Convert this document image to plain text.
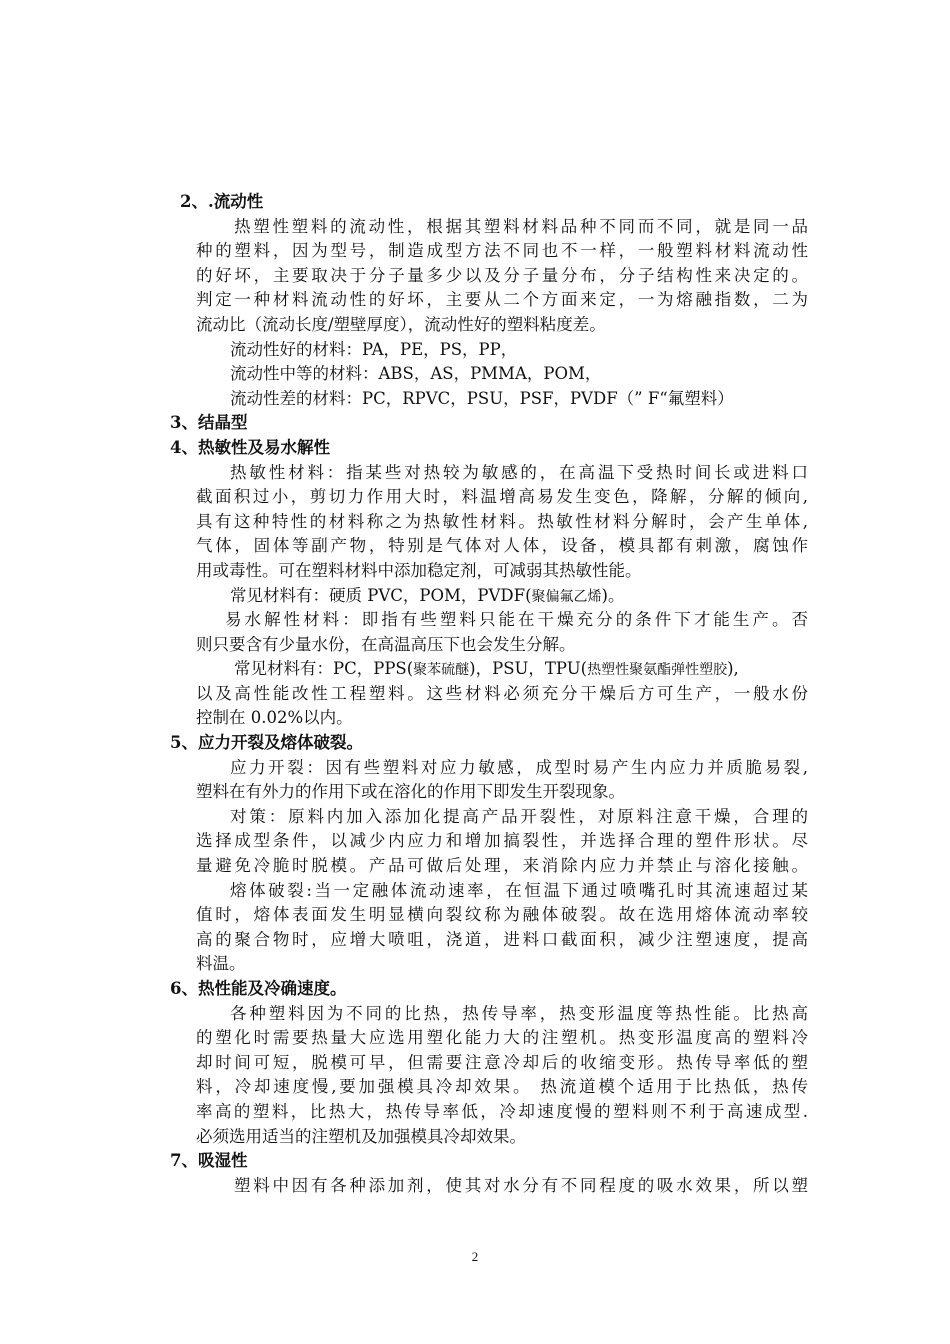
2、.流动性
热塑性塑料的流动性，根据其塑料材料品种不同而不同，就是同一品
种的塑料，因为型号，制造成型方法不同也不一样，一般塑料材料流动性
的好坏，主要取决于分子量多少以及分子量分布，分子结构性来决定的。
判定一种材料流动性的好坏，主要从二个方面来定，一为熔融指数，二为
流动比（流动长度/塑壁厚度），流动性好的塑料粘度差。
流动性好的材料：PA，PE，PS，PP，
流动性中等的材料：ABS，AS，PMMA，POM，
流动性差的材料：PC，RPVC，PSU，PSF，PVDF（” F“氟塑料）
3、结晶型
4、热敏性及易水解性
热敏性材料：指某些对热较为敏感的，在高温下受热时间长或进料口
截面积过小，剪切力作用大时，料温增高易发生变色，降解，分解的倾向,
具有这种特性的材料称之为热敏性材料。热敏性材料分解时，会产生单体,
气体，固体等副产物，特别是气体对人体，设备，模具都有刺激，腐蚀作
用或毒性。可在塑料材料中添加稳定剂，可减弱其热敏性能。
常见材料有：硬质 PVC，POM，PVDF(聚偏氟乙烯)。
易水解性材料：即指有些塑料只能在干燥充分的条件下才能生产。否
则只要含有少量水份，在高温高压下也会发生分解。
常见材料有：PC，PPS(聚苯硫醚)，PSU，TPU(热塑性聚氨酯弹性塑胶),
以及高性能改性工程塑料。这些材料必须充分干燥后方可生产，一般水份
控制在 0.02%以内。
5、应力开裂及熔体破裂。
应力开裂：因有些塑料对应力敏感，成型时易产生内应力并质脆易裂,
塑料在有外力的作用下或在溶化的作用下即发生开裂现象。
对策：原料内加入添加化提高产品开裂性，对原料注意干燥，合理的
选择成型条件，以减少内应力和增加搞裂性，并选择合理的塑件形状。尽
量避免冷脆时脱模。产品可做后处理，来消除内应力并禁止与溶化接触。
熔体破裂:当一定融体流动速率，在恒温下通过喷嘴孔时其流速超过某
值时，熔体表面发生明显横向裂纹称为融体破裂。故在选用熔体流动率较
高的聚合物时，应增大喷咀，浇道，进料口截面积，减少注塑速度，提高
料温。
6、热性能及冷确速度。
各种塑料因为不同的比热，热传导率，热变形温度等热性能。比热高
的塑化时需要热量大应选用塑化能力大的注塑机。热变形温度高的塑料冷
却时间可短，脱模可早，但需要注意冷却后的收缩变形。热传导率低的塑
料，冷却速度慢,要加强模具冷却效果。 热流道模个适用于比热低，热传
率高的塑料，比热大，热传导率低，冷却速度慢的塑料则不利于高速成型.
必须选用适当的注塑机及加强模具冷却效果。
7、吸湿性
塑料中因有各种添加剂，使其对水分有不同程度的吸水效果，所以塑
2
